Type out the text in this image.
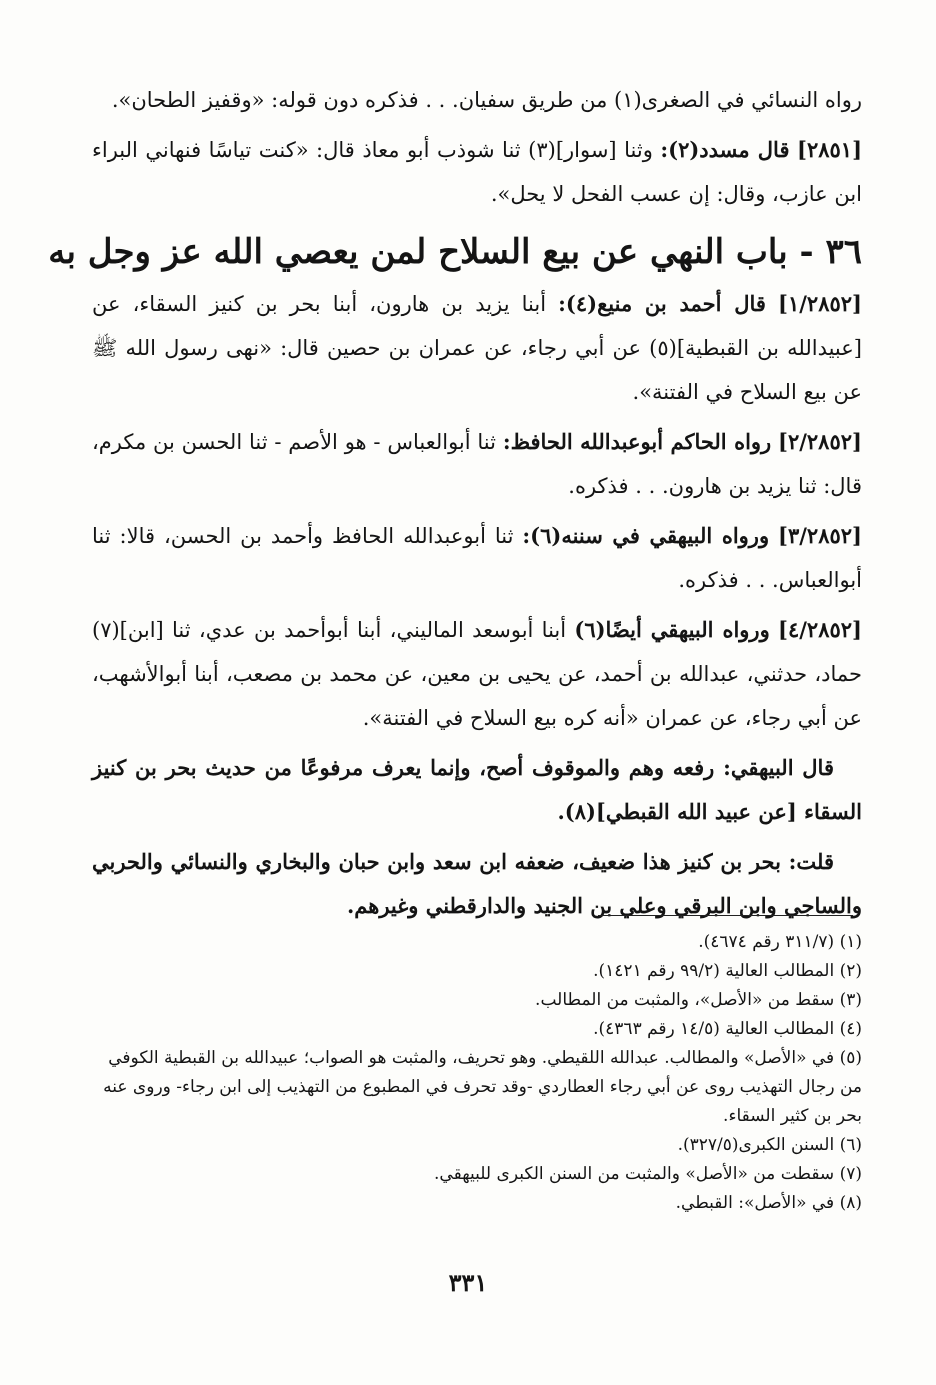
رواه النسائي في الصغرى(١) من طريق سفيان. . . فذكره دون قوله: «وقفيز الطحان».

[٢٨٥١] قال مسدد(٢): وثنا [سوار](٣) ثنا شوذب أبو معاذ قال: «كنت تياسًا فنهاني البراء ابن عازب، وقال: إن عسب الفحل لا يحل».

٣٦ - باب النهي عن بيع السلاح لمن يعصي الله عز وجل به

[١/٢٨٥٢] قال أحمد بن منيع(٤): أبنا يزيد بن هارون، أبنا بحر بن كنيز السقاء، عن [عبيدالله بن القبطية](٥) عن أبي رجاء، عن عمران بن حصين قال: «نهى رسول الله ﷺ عن بيع السلاح في الفتنة».

[٢/٢٨٥٢] رواه الحاكم أبوعبدالله الحافظ: ثنا أبوالعباس - هو الأصم - ثنا الحسن بن مكرم، قال: ثنا يزيد بن هارون. . . فذكره.

[٣/٢٨٥٢] ورواه البيهقي في سننه(٦): ثنا أبوعبدالله الحافظ وأحمد بن الحسن، قالا: ثنا أبوالعباس. . . فذكره.

[٤/٢٨٥٢] ورواه البيهقي أيضًا(٦) أبنا أبوسعد الماليني، أبنا أبوأحمد بن عدي، ثنا [ابن](٧) حماد، حدثني، عبدالله بن أحمد، عن يحيى بن معين، عن محمد بن مصعب، أبنا أبوالأشهب، عن أبي رجاء، عن عمران «أنه كره بيع السلاح في الفتنة».

قال البيهقي: رفعه وهم والموقوف أصح، وإنما يعرف مرفوعًا من حديث بحر بن كنيز السقاء [عن عبيد الله القبطي](٨).

قلت: بحر بن كنيز هذا ضعيف، ضعفه ابن سعد وابن حبان والبخاري والنسائي والحربي والساجي وابن البرقي وعلي بن الجنيد والدارقطني وغيرهم.

(١) (٣١١/٧ رقم ٤٦٧٤).

(٢) المطالب العالية (٩٩/٢ رقم ١٤٢١).

(٣) سقط من «الأصل»، والمثبت من المطالب.

(٤) المطالب العالية (١٤/٥ رقم ٤٣٦٣).

(٥) في «الأصل» والمطالب. عبدالله اللقيطي. وهو تحريف، والمثبت هو الصواب؛ عبيدالله بن القبطية الكوفي من رجال التهذيب روى عن أبي رجاء العطاردي -وقد تحرف في المطبوع من التهذيب إلى ابن رجاء- وروى عنه بحر بن كثير السقاء.

(٦) السنن الكبرى(٣٢٧/٥).

(٧) سقطت من «الأصل» والمثبت من السنن الكبرى للبيهقي.

(٨) في «الأصل»: القبطي.

٣٣١
